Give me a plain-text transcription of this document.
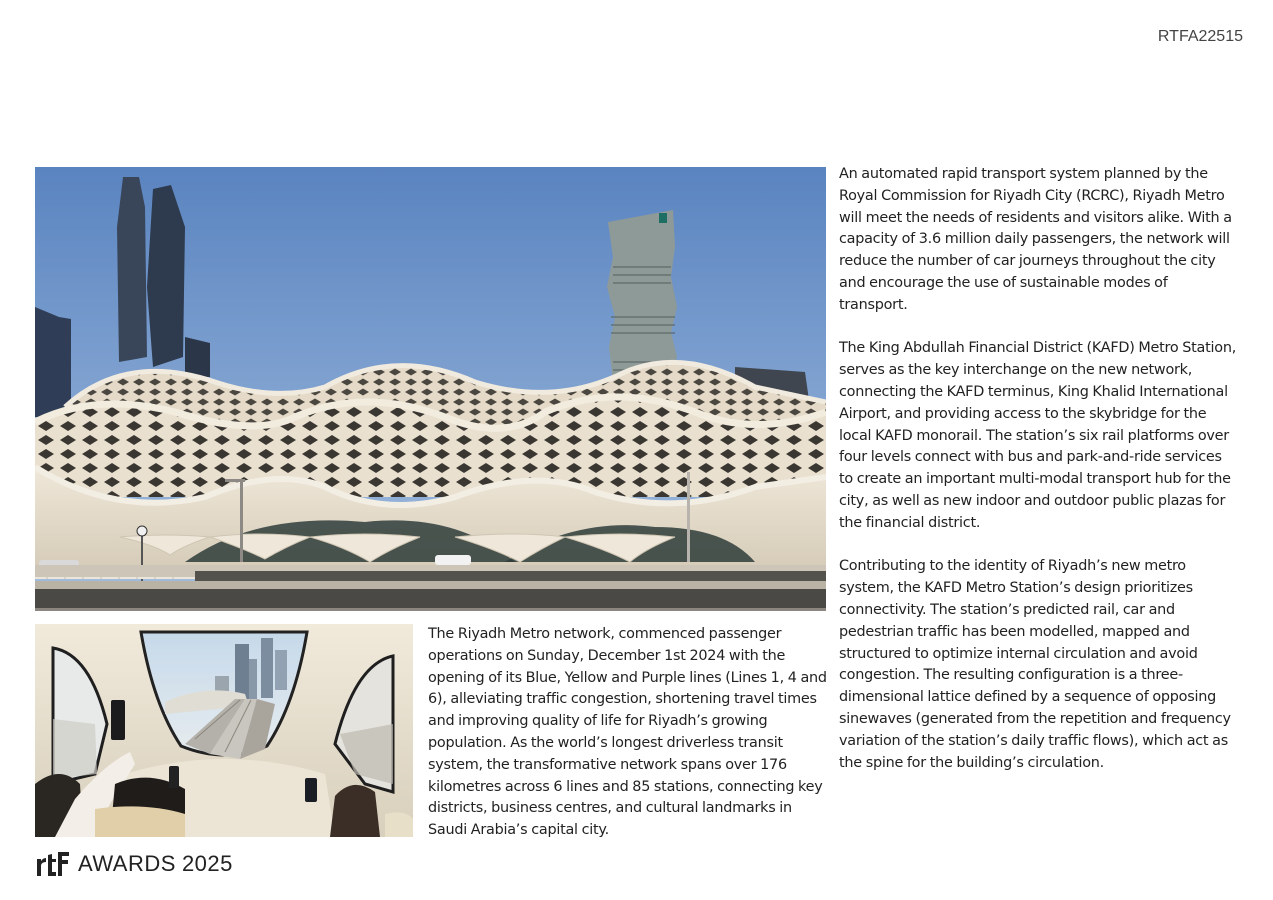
RTFA22515

An automated rapid transport system planned by the Royal Commission for Riyadh City (RCRC), Riyadh Metro will meet the needs of residents and visitors alike. With a capacity of 3.6 million daily passengers, the network will reduce the number of car journeys throughout the city and encourage the use of sustainable modes of transport.

The King Abdullah Financial District (KAFD) Metro Station, serves as the key interchange on the new network, connecting the KAFD terminus, King Khalid International Airport, and providing access to the skybridge for the local KAFD monorail. The station’s six rail platforms over four levels connect with bus and park-and-ride services to create an important multi-modal transport hub for the city, as well as new indoor and outdoor public plazas for the financial district.

Contributing to the identity of Riyadh’s new metro system, the KAFD Metro Station’s design prioritizes connectivity. The station’s predicted rail, car and pedestrian traffic has been modelled, mapped and structured to optimize internal circulation and avoid congestion. The resulting configuration is a three-dimensional lattice defined by a sequence of opposing sinewaves (generated from the repetition and frequency variation of the station’s daily traffic flows), which act as the spine for the building’s circulation.

The Riyadh Metro network, commenced passenger operations on Sunday, December 1st 2024 with the opening of its Blue, Yellow and Purple lines (Lines 1, 4 and 6), alleviating traffic congestion, shortening travel times and improving quality of life for Riyadh’s growing population. As the world’s longest driverless transit system, the transformative network spans over 176 kilometres across 6 lines and 85 stations, connecting key districts, business centres, and cultural landmarks in Saudi Arabia’s capital city.

AWARDS 2025
